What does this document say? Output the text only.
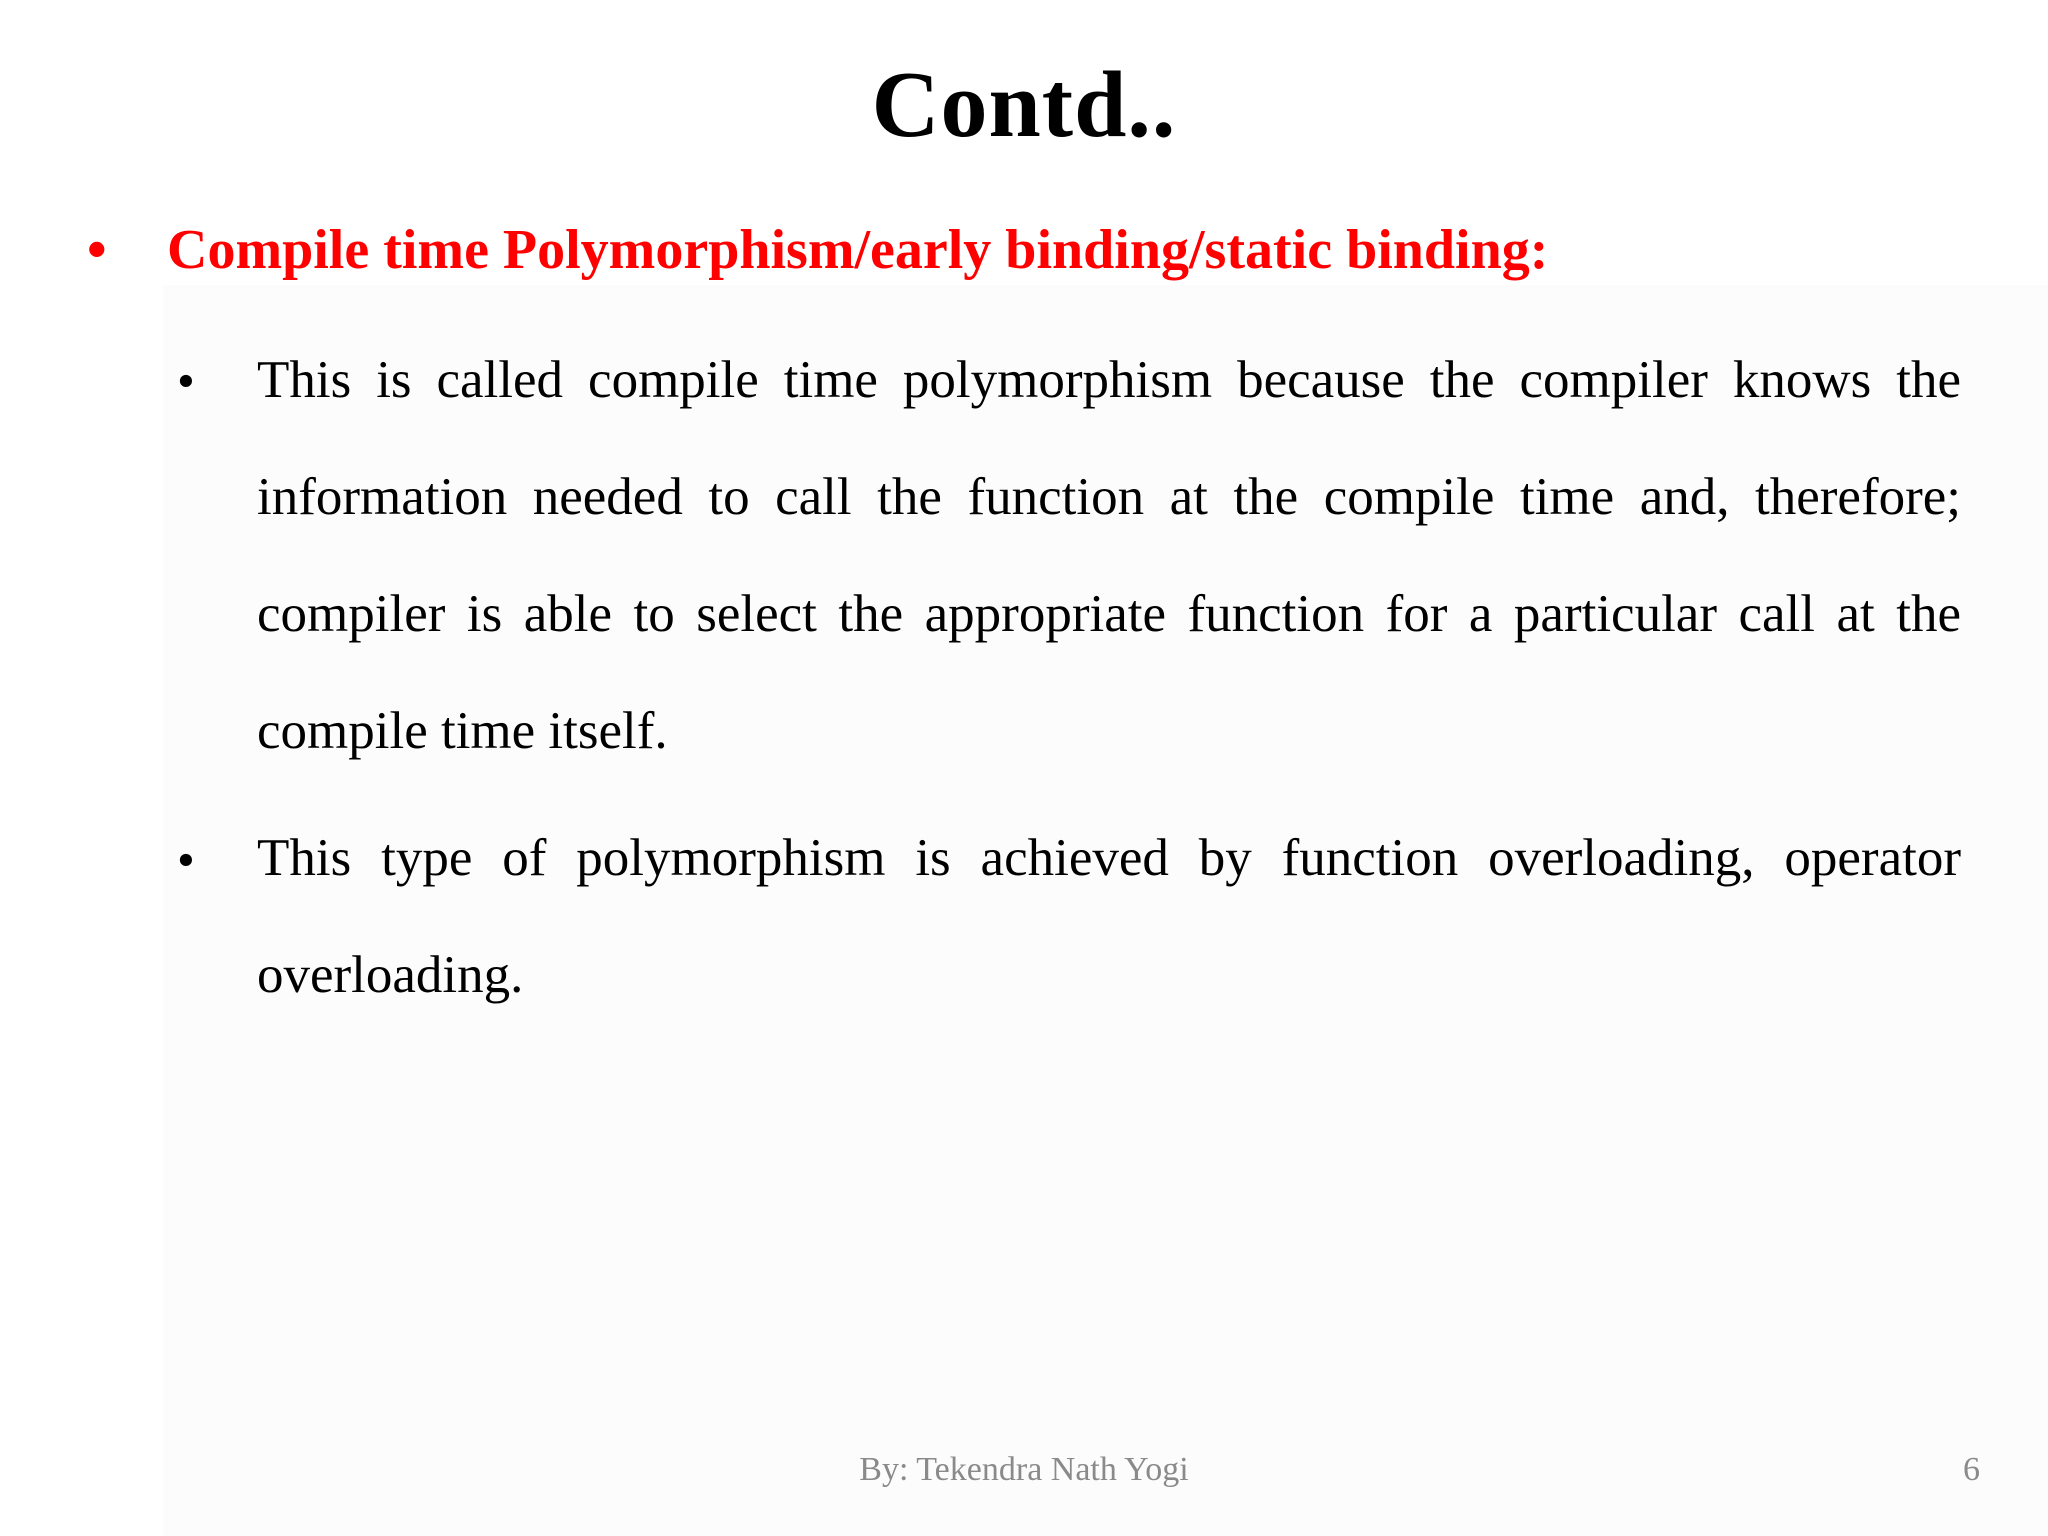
Contd..
• Compile time Polymorphism/early binding/static binding:
• This is called compile time polymorphism because the compiler knows the information needed to call the function at the compile time and, therefore; compiler is able to select the appropriate function for a particular call at the compile time itself.

• This type of polymorphism is achieved by function overloading, operator overloading.

By: Tekendra Nath Yogi	6
